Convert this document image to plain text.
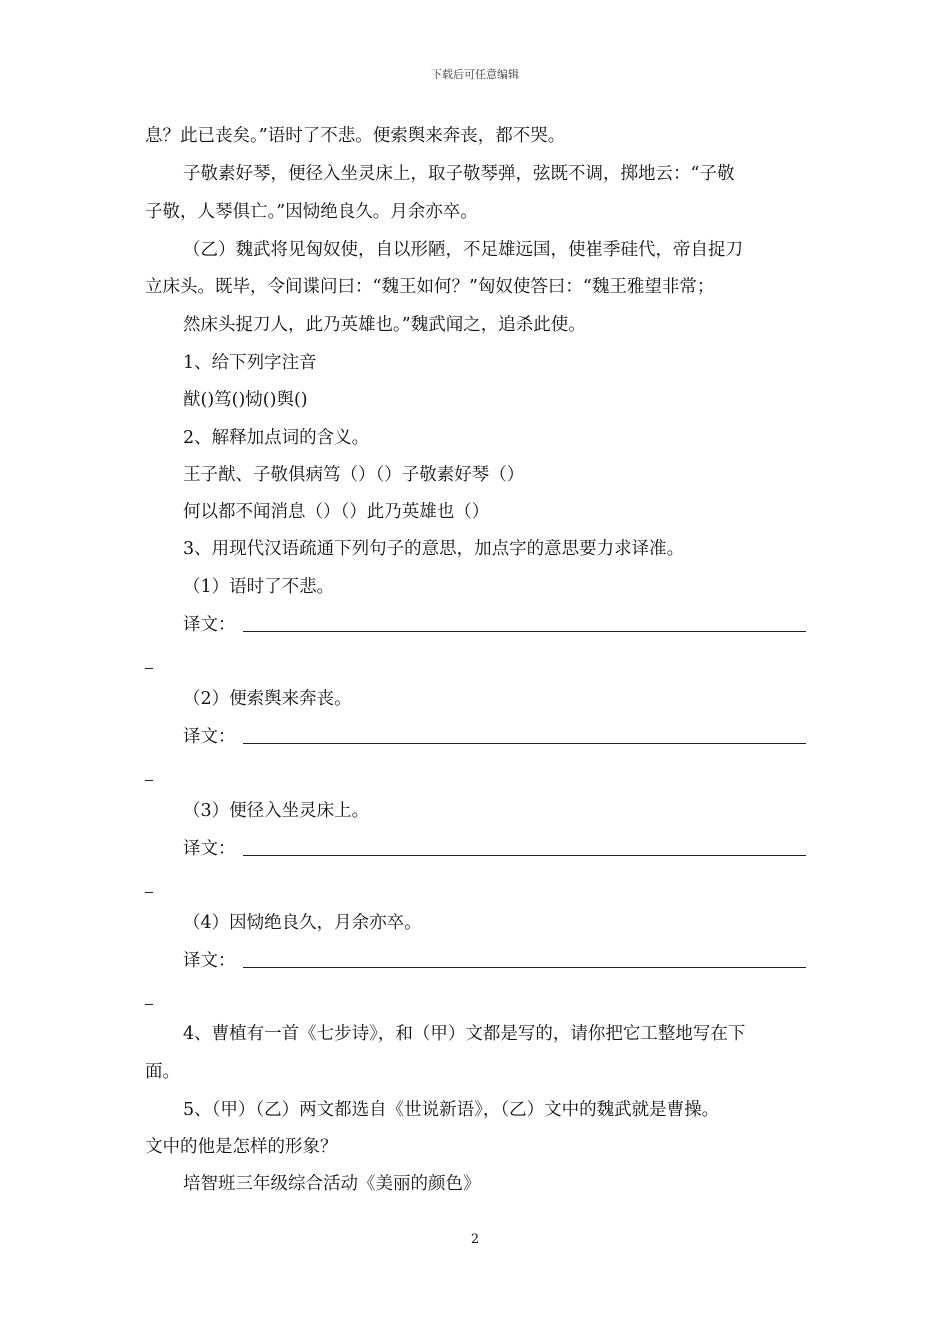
下载后可任意编辑
息？此已丧矣。”语时了不悲。便索舆来奔丧，都不哭。
子敬素好琴，便径入坐灵床上，取子敬琴弹，弦既不调，掷地云：“子敬
子敬，人琴俱亡。”因恸绝良久。月余亦卒。
（乙）魏武将见匈奴使，自以形陋，不足雄远国，使崔季硅代，帝自捉刀
立床头。既毕，令间谍问曰：“魏王如何？”匈奴使答曰：“魏王雅望非常；
然床头捉刀人，此乃英雄也。”魏武闻之，追杀此使。
1、给下列字注音
猷()笃()恸()舆()
2、解释加点词的含义。
王子猷、子敬俱病笃（）（）子敬素好琴（）
何以都不闻消息（）（）此乃英雄也（）
3、用现代汉语疏通下列句子的意思，加点字的意思要力求译准。
（1）语时了不悲。
译文：
（2）便索舆来奔丧。
译文：
（3）便径入坐灵床上。
译文：
（4）因恸绝良久，月余亦卒。
译文：
4、曹植有一首《七步诗》，和（甲）文都是写的，请你把它工整地写在下
面。
5、（甲）（乙）两文都选自《世说新语》，（乙）文中的魏武就是曹操。
文中的他是怎样的形象？
培智班三年级综合活动《美丽的颜色》
2
